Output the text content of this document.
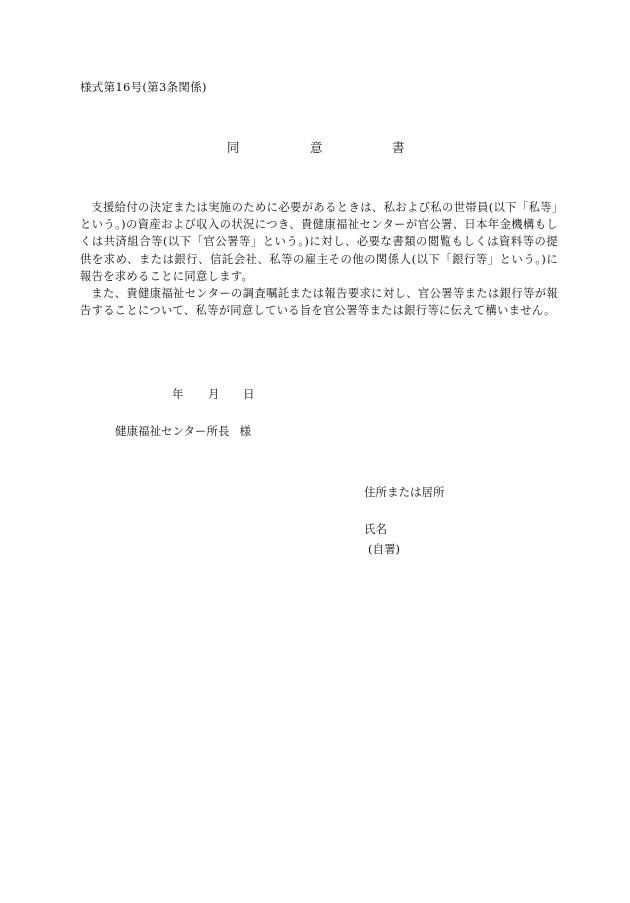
様式第16号(第3条関係)
同	意	書

支援給付の決定または実施のために必要があるときは、私および私の世帯員(以下「私等」という。)の資産および収入の状況につき、貴健康福祉センターが官公署、日本年金機構もしくは共済組合等(以下「官公署等」という。)に対し、必要な書類の閲覧もしくは資料等の提供を求め、または銀行、信託会社、私等の雇主その他の関係人(以下「銀行等」という。)に報告を求めることに同意します。

また、貴健康福祉センターの調査嘱託または報告要求に対し、官公署等または銀行等が報告することについて、私等が同意している旨を官公署等または銀行等に伝えて構いません。

年 月 日
健康福祉センター所長 様
住所または居所
氏名
(自署)
